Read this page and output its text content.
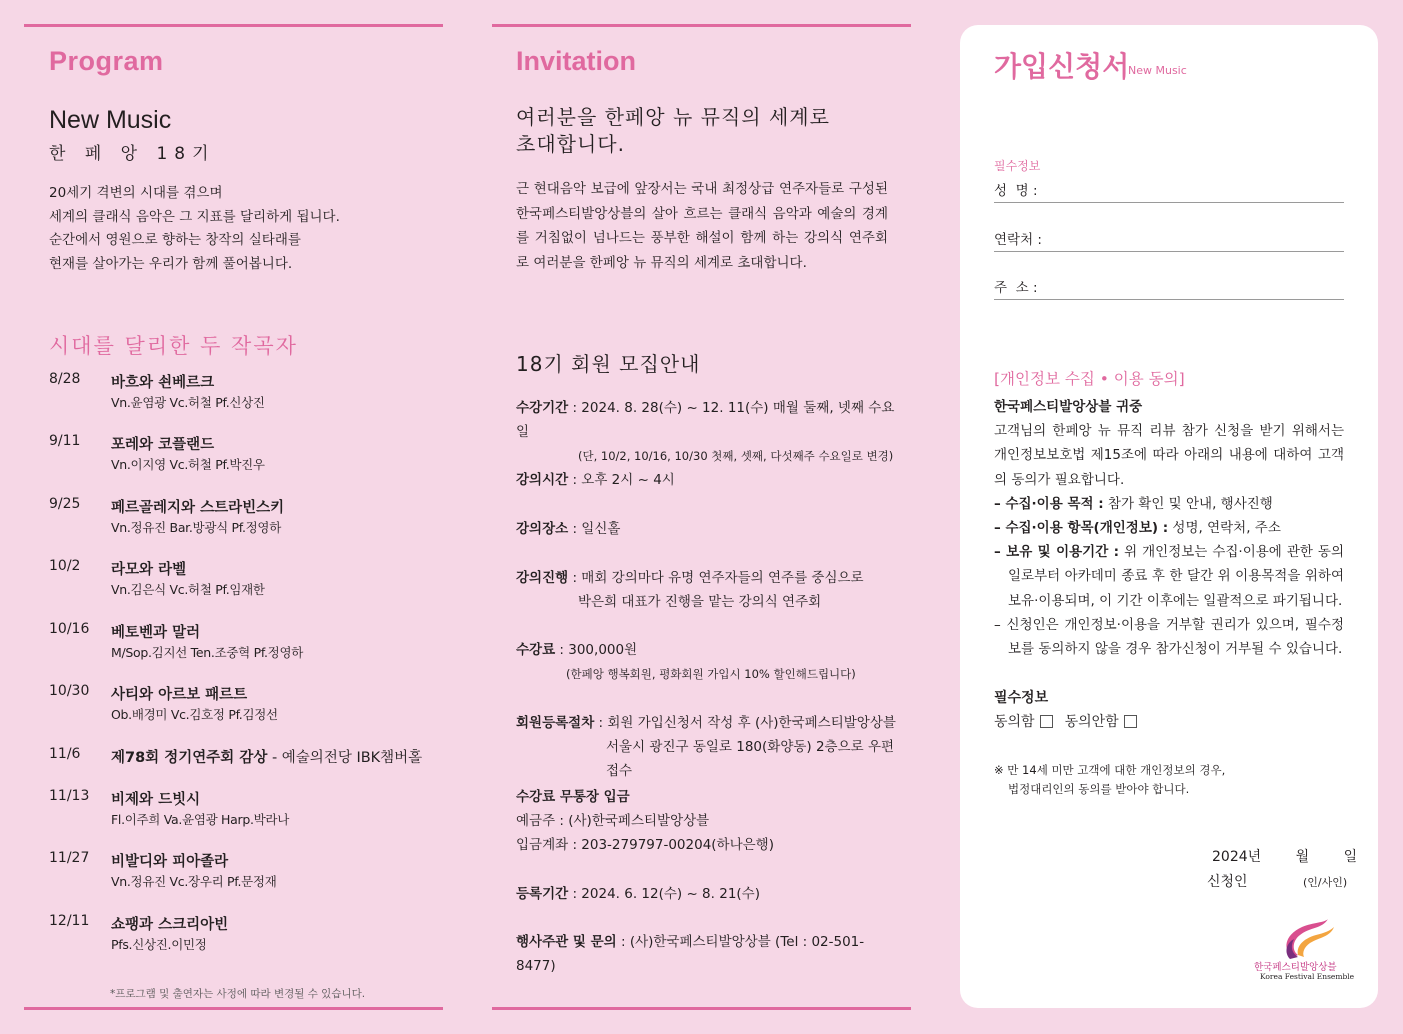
Program
New Music
한 페 앙 18기
20세기 격변의 시대를 겪으며
세계의 클래식 음악은 그 지표를 달리하게 됩니다.
순간에서 영원으로 향하는 창작의 실타래를
현재를 살아가는 우리가 함께 풀어봅니다.
시대를 달리한 두 작곡자
8/28 바흐와 쇤베르크
Vn.윤염광 Vc.허철 Pf.신상진
9/11 포레와 코플랜드
Vn.이지영 Vc.허철 Pf.박진우
9/25 페르골레지와 스트라빈스키
Vn.정유진 Bar.방광식 Pf.정영하
10/2 라모와 라벨
Vn.김은식 Vc.허철 Pf.임재한
10/16 베토벤과 말러
M/Sop.김지선 Ten.조중혁 Pf.정영하
10/30 사티와 아르보 패르트
Ob.배경미 Vc.김호정 Pf.김정선
11/6 제78회 정기연주회 감상 - 예술의전당 IBK챔버홀
11/13 비제와 드빗시
Fl.이주희 Va.윤염광 Harp.박라나
11/27 비발디와 피아졸라
Vn.정유진 Vc.장우리 Pf.문정재
12/11 쇼팽과 스크리아빈
Pfs.신상진.이민정
*프로그램 및 출연자는 사정에 따라 변경될 수 있습니다.
Invitation
여러분을 한페앙 뉴 뮤직의 세계로
초대합니다.
근 현대음악 보급에 앞장서는 국내 최정상급 연주자들로 구성된 한국페스티발앙상블의 살아 흐르는 클래식 음악과 예술의 경계를 거침없이 넘나드는 풍부한 해설이 함께 하는 강의식 연주회로 여러분을 한페앙 뉴 뮤직의 세계로 초대합니다.
18기 회원 모집안내
수강기간 : 2024. 8. 28(수) ~ 12. 11(수) 매월 둘째, 넷째 수요일
(단, 10/2, 10/16, 10/30 첫째, 셋째, 다섯째주 수요일로 변경)
강의시간 : 오후 2시 ~ 4시
강의장소 : 일신홀
강의진행 : 매회 강의마다 유명 연주자들의 연주를 중심으로
박은희 대표가 진행을 맡는 강의식 연주회
수강료 : 300,000원
(한페앙 행복회원, 평화회원 가입시 10% 할인해드립니다)
회원등록절차 : 회원 가입신청서 작성 후 (사)한국페스티발앙상블
서울시 광진구 동일로 180(화양동) 2층으로 우편접수
수강료 무통장 입금
예금주 : (사)한국페스티발앙상블
입금계좌 : 203-279797-00204(하나은행)
등록기간 : 2024. 6. 12(수) ~ 8. 21(수)
행사주관 및 문의 : (사)한국페스티발앙상블 (Tel : 02-501-8477)
가입신청서
New Music
필수정보
성  명 :
연락처 :
주  소 :
[개인정보 수집 • 이용 동의]
한국페스티발앙상블 귀중
고객님의 한페앙 뉴 뮤직 리뷰 참가 신청을 받기 위해서는 개인정보보호법 제15조에 따라 아래의 내용에 대하여 고객의 동의가 필요합니다.
– 수집·이용 목적 : 참가 확인 및 안내, 행사진행
– 수집·이용 항목(개인정보) : 성명, 연락처, 주소
– 보유 및 이용기간 : 위 개인정보는 수집·이용에 관한 동의일로부터 아카데미 종료 후 한 달간 위 이용목적을 위하여 보유·이용되며, 이 기간 이후에는 일괄적으로 파기됩니다.
– 신청인은 개인정보·이용을 거부할 권리가 있으며, 필수정보를 동의하지 않을 경우 참가신청이 거부될 수 있습니다.
필수정보
동의함 동의안함
※ 만 14세 미만 고객에 대한 개인정보의 경우,
법정대리인의 동의를 받아야 합니다.
2024년 월 일
신청인	(인/사인)
한국페스티발앙상블
Korea Festival Ensemble
